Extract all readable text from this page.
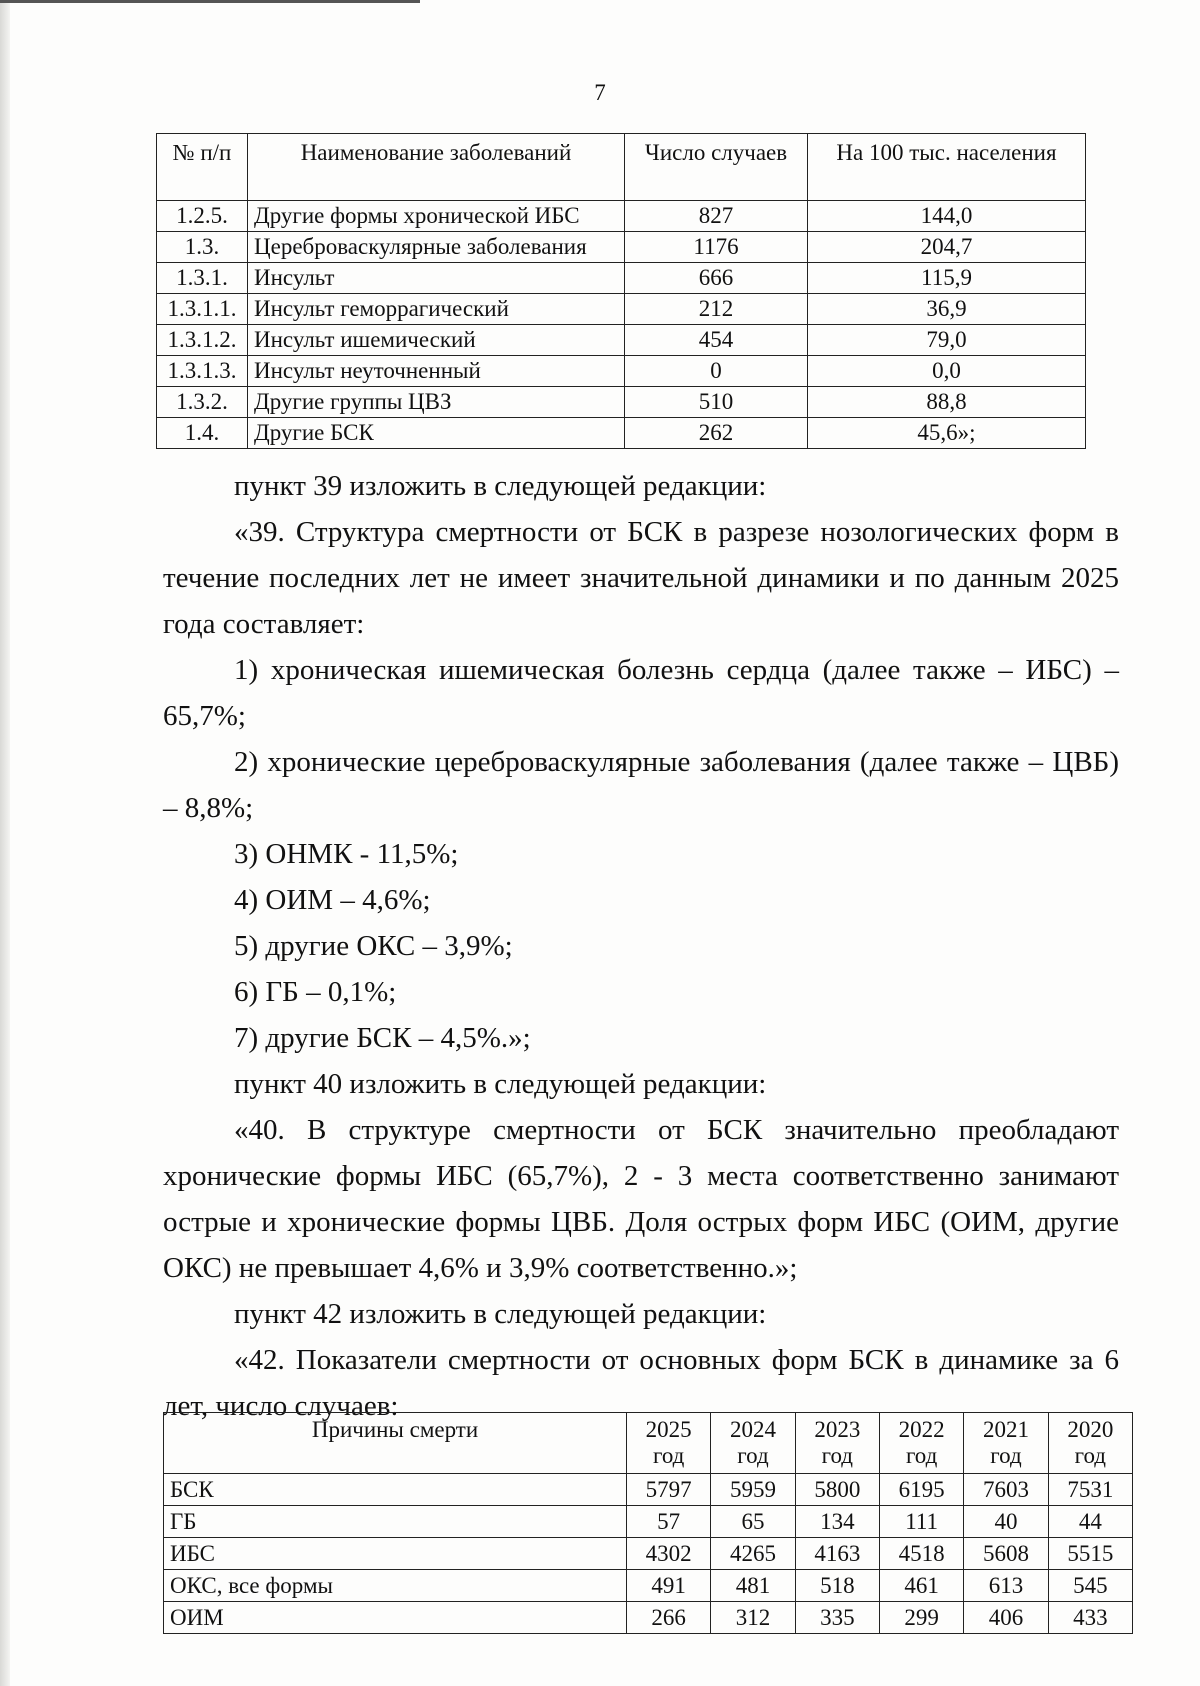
7
№ п/п	Наименование заболеваний	Число случаев	На 100 тыс. населения
1.2.5.	Другие формы хронической ИБС	827	144,0
1.3.	Цереброваскулярные заболевания	1176	204,7
1.3.1.	Инсульт	666	115,9
1.3.1.1.	Инсульт геморрагический	212	36,9
1.3.1.2.	Инсульт ишемический	454	79,0
1.3.1.3.	Инсульт неуточненный	0	0,0
1.3.2.	Другие группы ЦВЗ	510	88,8
1.4.	Другие БСК	262	45,6»;

пункт 39 изложить в следующей редакции:

«39. Структура смертности от БСК в разрезе нозологических форм в течение последних лет не имеет значительной динамики и по данным 2025 года составляет:

1) хроническая ишемическая болезнь сердца (далее также – ИБС) – 65,7%;

2) хронические цереброваскулярные заболевания (далее также – ЦВБ) – 8,8%;

3) ОНМК - 11,5%;

4) ОИМ – 4,6%;

5) другие ОКС – 3,9%;

6) ГБ – 0,1%;

7) другие БСК – 4,5%.»;

пункт 40 изложить в следующей редакции:

«40. В структуре смертности от БСК значительно преобладают хронические формы ИБС (65,7%), 2 - 3 места соответственно занимают острые и хронические формы ЦВБ. Доля острых форм ИБС (ОИМ, другие ОКС) не превышает 4,6% и 3,9% соответственно.»;

пункт 42 изложить в следующей редакции:

«42. Показатели смертности от основных форм БСК в динамике за 6 лет, число случаев:

Причины смерти	2025 год	2024 год	2023 год	2022 год	2021 год	2020 год
БСК	5797	5959	5800	6195	7603	7531
ГБ	57	65	134	111	40	44
ИБС	4302	4265	4163	4518	5608	5515
ОКС, все формы	491	481	518	461	613	545
ОИМ	266	312	335	299	406	433
